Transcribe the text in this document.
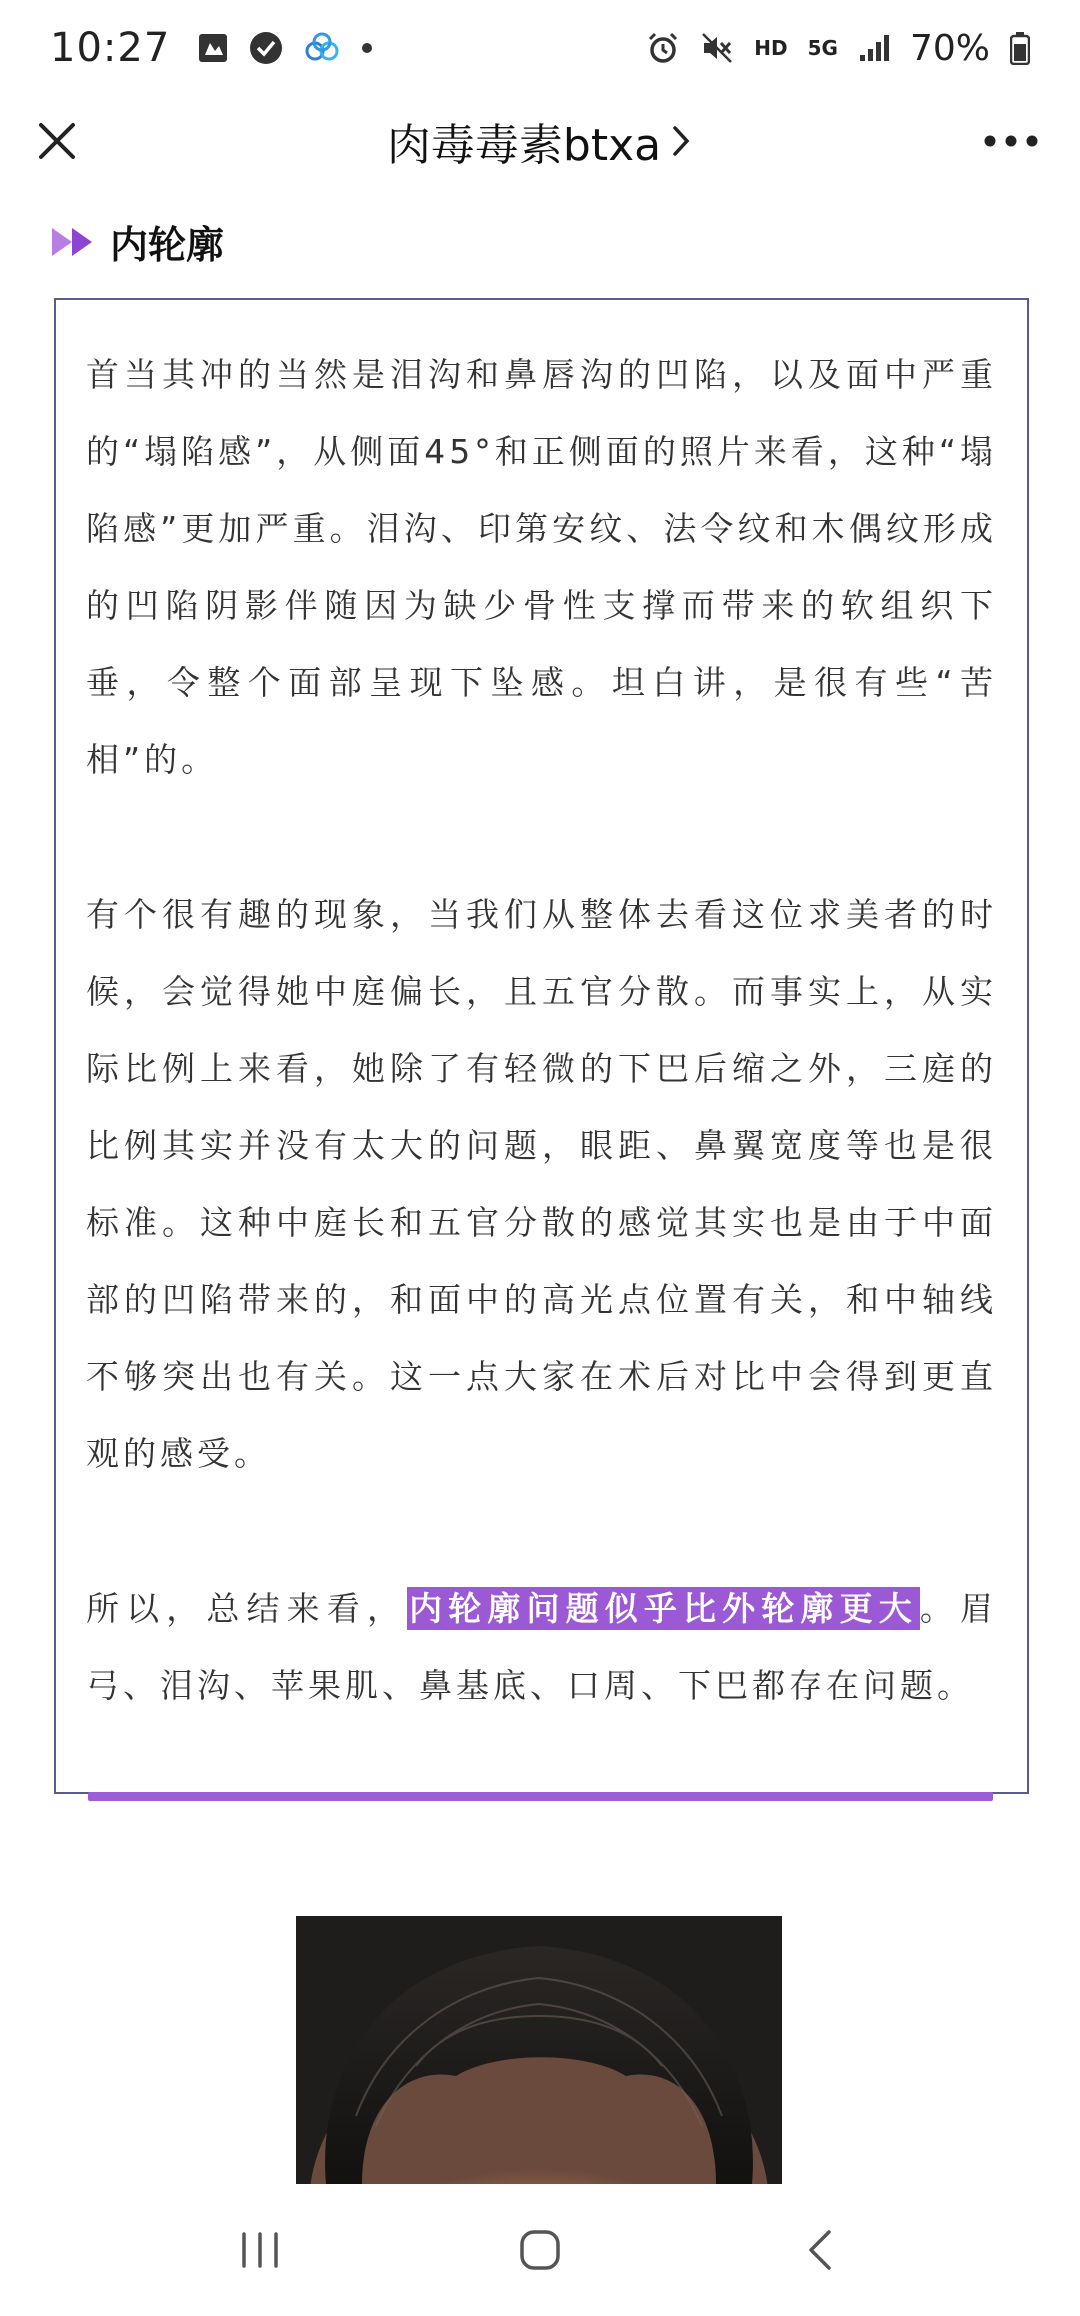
10:27	HD 5G 70%
肉毒毒素btxa
内轮廓

首当其冲的当然是泪沟和鼻唇沟的凹陷，以及面中严重的“塌陷感”，从侧面45°和正侧面的照片来看，这种“塌陷感”更加严重。泪沟、印第安纹、法令纹和木偶纹形成的凹陷阴影伴随因为缺少骨性支撑而带来的软组织下垂，令整个面部呈现下坠感。坦白讲，是很有些“苦相”的。

有个很有趣的现象，当我们从整体去看这位求美者的时候，会觉得她中庭偏长，且五官分散。而事实上，从实际比例上来看，她除了有轻微的下巴后缩之外，三庭的比例其实并没有太大的问题，眼距、鼻翼宽度等也是很标准。这种中庭长和五官分散的感觉其实也是由于中面部的凹陷带来的，和面中的高光点位置有关，和中轴线不够突出也有关。这一点大家在术后对比中会得到更直观的感受。

所以，总结来看，内轮廓问题似乎比外轮廓更大。眉弓、泪沟、苹果肌、鼻基底、口周、下巴都存在问题。
